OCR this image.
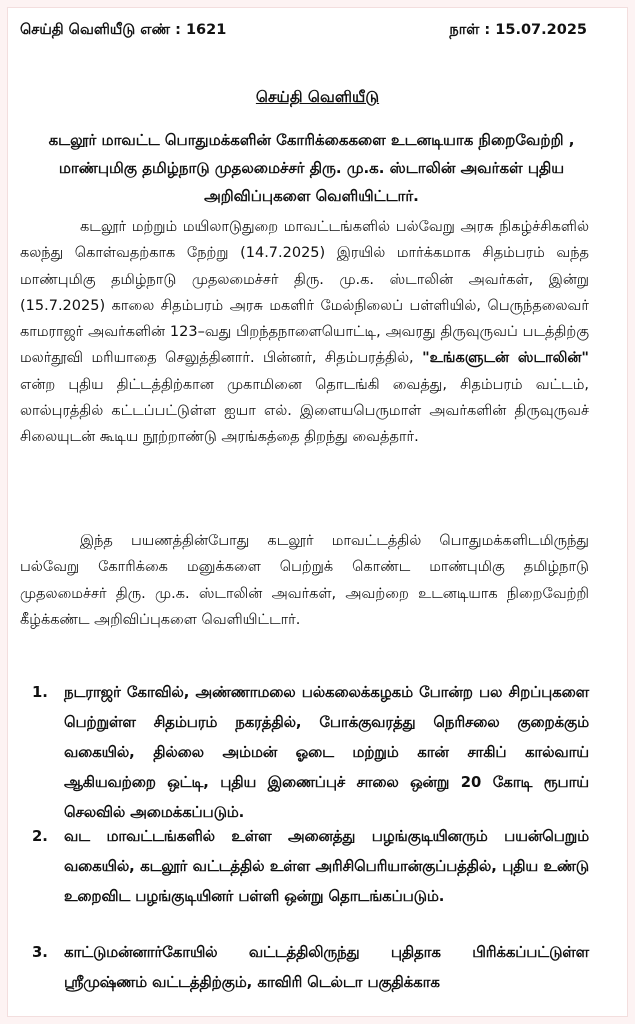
செய்தி வெளியீடு எண் : 1621	நாள் : 15.07.2025
செய்தி வெளியீடு
கடலூர் மாவட்ட பொதுமக்களின் கோரிக்கைகளை உடனடியாக நிறைவேற்றி , மாண்புமிகு தமிழ்நாடு முதலமைச்சர் திரு. மு.க. ஸ்டாலின் அவர்கள் புதிய அறிவிப்புகளை வெளியிட்டார்.
கடலூர் மற்றும் மயிலாடுதுறை மாவட்டங்களில் பல்வேறு அரசு நிகழ்ச்சிகளில் கலந்து கொள்வதற்காக நேற்று (14.7.2025) இரயில் மார்க்கமாக சிதம்பரம் வந்த மாண்புமிகு தமிழ்நாடு முதலமைச்சர் திரு. மு.க. ஸ்டாலின் அவர்கள், இன்று (15.7.2025) காலை சிதம்பரம் அரசு மகளிர் மேல்நிலைப் பள்ளியில், பெருந்தலைவர் காமராஜர் அவர்களின் 123–வது பிறந்தநாளையொட்டி, அவரது திருவுருவப் படத்திற்கு மலர்தூவி மரியாதை செலுத்தினார். பின்னர், சிதம்பரத்தில், "உங்களுடன் ஸ்டாலின்" என்ற புதிய திட்டத்திற்கான முகாமினை தொடங்கி வைத்து, சிதம்பரம் வட்டம், லால்புரத்தில் கட்டப்பட்டுள்ள ஐயா எல். இளையபெருமாள் அவர்களின் திருவுருவச் சிலையுடன் கூடிய நூற்றாண்டு அரங்கத்தை திறந்து வைத்தார்.
இந்த பயணத்தின்போது கடலூர் மாவட்டத்தில் பொதுமக்களிடமிருந்து பல்வேறு கோரிக்கை மனுக்களை பெற்றுக் கொண்ட மாண்புமிகு தமிழ்நாடு முதலமைச்சர் திரு. மு.க. ஸ்டாலின் அவர்கள், அவற்றை உடனடியாக நிறைவேற்றி கீழ்க்கண்ட அறிவிப்புகளை வெளியிட்டார்.
1.	நடராஜர் கோவில், அண்ணாமலை பல்கலைக்கழகம் போன்ற பல சிறப்புகளை பெற்றுள்ள சிதம்பரம் நகரத்தில், போக்குவரத்து நெரிசலை குறைக்கும் வகையில், தில்லை அம்மன் ஓடை மற்றும் கான் சாகிப் கால்வாய் ஆகியவற்றை ஒட்டி, புதிய இணைப்புச் சாலை ஒன்று 20 கோடி ரூபாய் செலவில் அமைக்கப்படும்.
2.	வட மாவட்டங்களில் உள்ள அனைத்து பழங்குடியினரும் பயன்பெறும் வகையில், கடலூர் வட்டத்தில் உள்ள அரிசிபெரியான்குப்பத்தில், புதிய உண்டு உறைவிட பழங்குடியினர் பள்ளி ஒன்று தொடங்கப்படும்.
3.	காட்டுமன்னார்கோயில் வட்டத்திலிருந்து புதிதாக பிரிக்கப்பட்டுள்ள ஸ்ரீமுஷ்ணம் வட்டத்திற்கும், காவிரி டெல்டா பகுதிக்காக
